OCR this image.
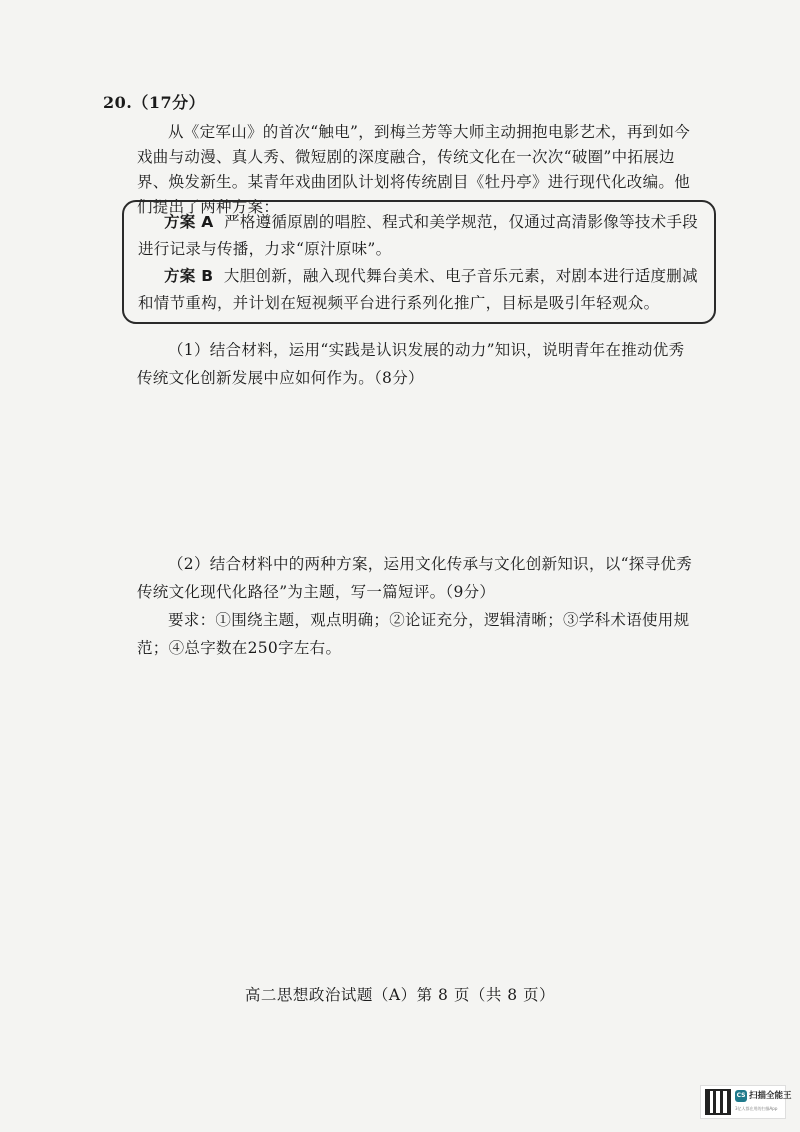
20.（17分）
从《定军山》的首次“触电”，到梅兰芳等大师主动拥抱电影艺术，再到如今戏曲与动漫、真人秀、微短剧的深度融合，传统文化在一次次“破圈”中拓展边界、焕发新生。某青年戏曲团队计划将传统剧目《牡丹亭》进行现代化改编。他们提出了两种方案：
方案 A 严格遵循原剧的唱腔、程式和美学规范，仅通过高清影像等技术手段进行记录与传播，力求“原汁原味”。
方案 B 大胆创新，融入现代舞台美术、电子音乐元素，对剧本进行适度删减和情节重构，并计划在短视频平台进行系列化推广，目标是吸引年轻观众。
（1）结合材料，运用“实践是认识发展的动力”知识，说明青年在推动优秀传统文化创新发展中应如何作为。（8分）
（2）结合材料中的两种方案，运用文化传承与文化创新知识，以“探寻优秀传统文化现代化路径”为主题，写一篇短评。（9分）
要求：①围绕主题，观点明确；②论证充分，逻辑清晰；③学科术语使用规范；④总字数在250字左右。
高二思想政治试题（A）第 8 页（共 8 页）
CS 扫描全能王
3亿人都在用的扫描App
